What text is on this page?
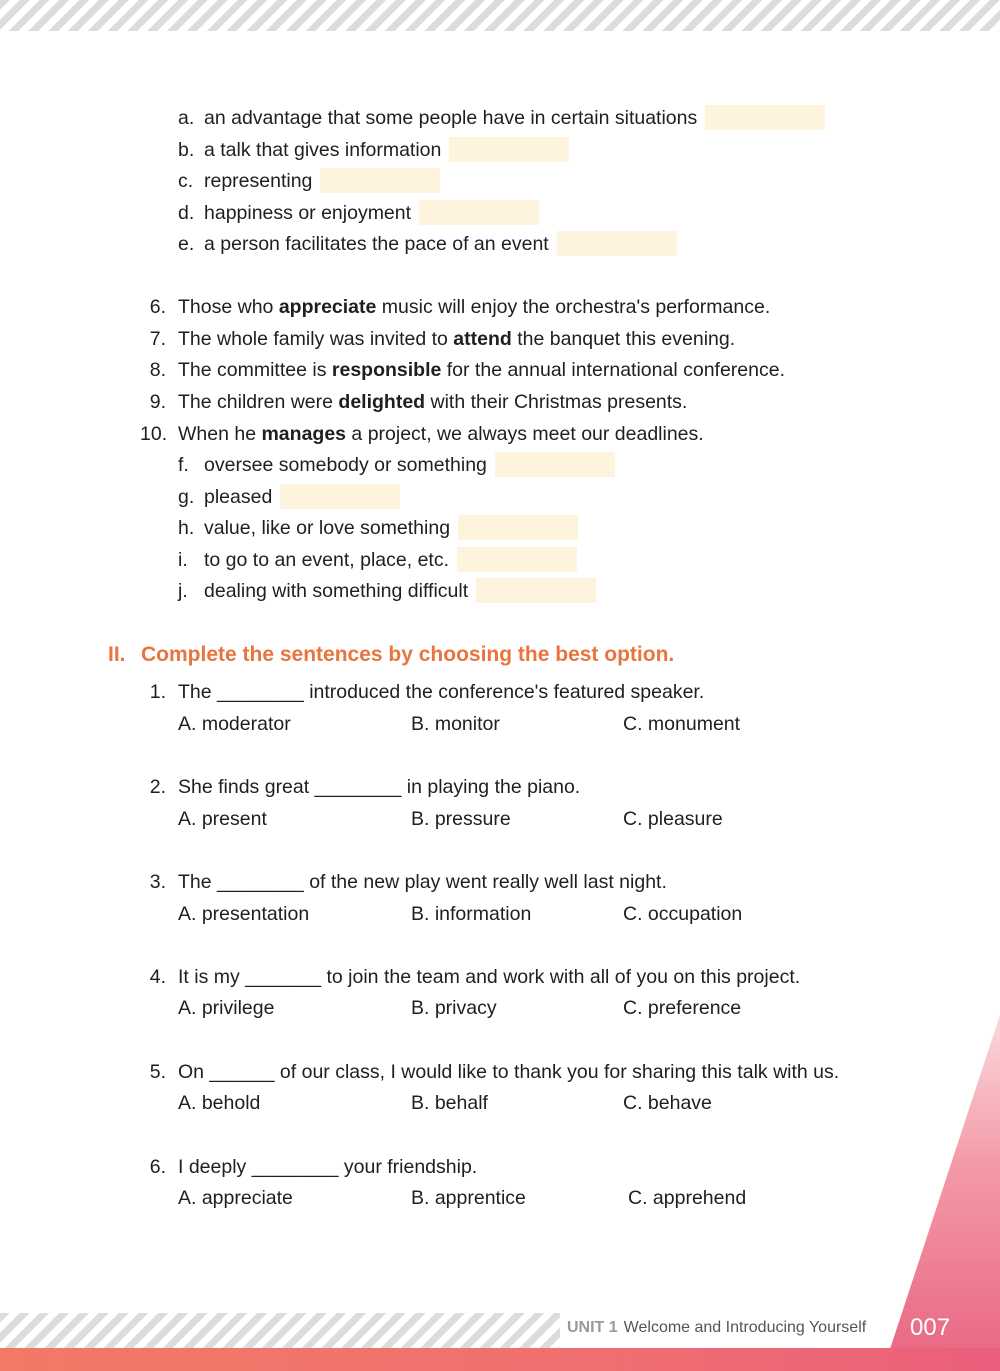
a. an advantage that some people have in certain situations
b. a talk that gives information
c. representing
d. happiness or enjoyment
e. a person facilitates the pace of an event
6. Those who appreciate music will enjoy the orchestra's performance.
7. The whole family was invited to attend the banquet this evening.
8. The committee is responsible for the annual international conference.
9. The children were delighted with their Christmas presents.
10. When he manages a project, we always meet our deadlines.
f. oversee somebody or something
g. pleased
h. value, like or love something
i. to go to an event, place, etc.
j. dealing with something difficult
II. Complete the sentences by choosing the best option.
1. The ________ introduced the conference's featured speaker.
A. moderator	B. monitor	C. monument
2. She finds great ________ in playing the piano.
A. present	B. pressure	C. pleasure
3. The ________ of the new play went really well last night.
A. presentation	B. information	C. occupation
4. It is my _______ to join the team and work with all of you on this project.
A. privilege	B. privacy	C. preference
5. On ______ of our class, I would like to thank you for sharing this talk with us.
A. behold	B. behalf	C. behave
6. I deeply ________ your friendship.
A. appreciate	B. apprentice	C. apprehend
UNIT 1 Welcome and Introducing Yourself 007
